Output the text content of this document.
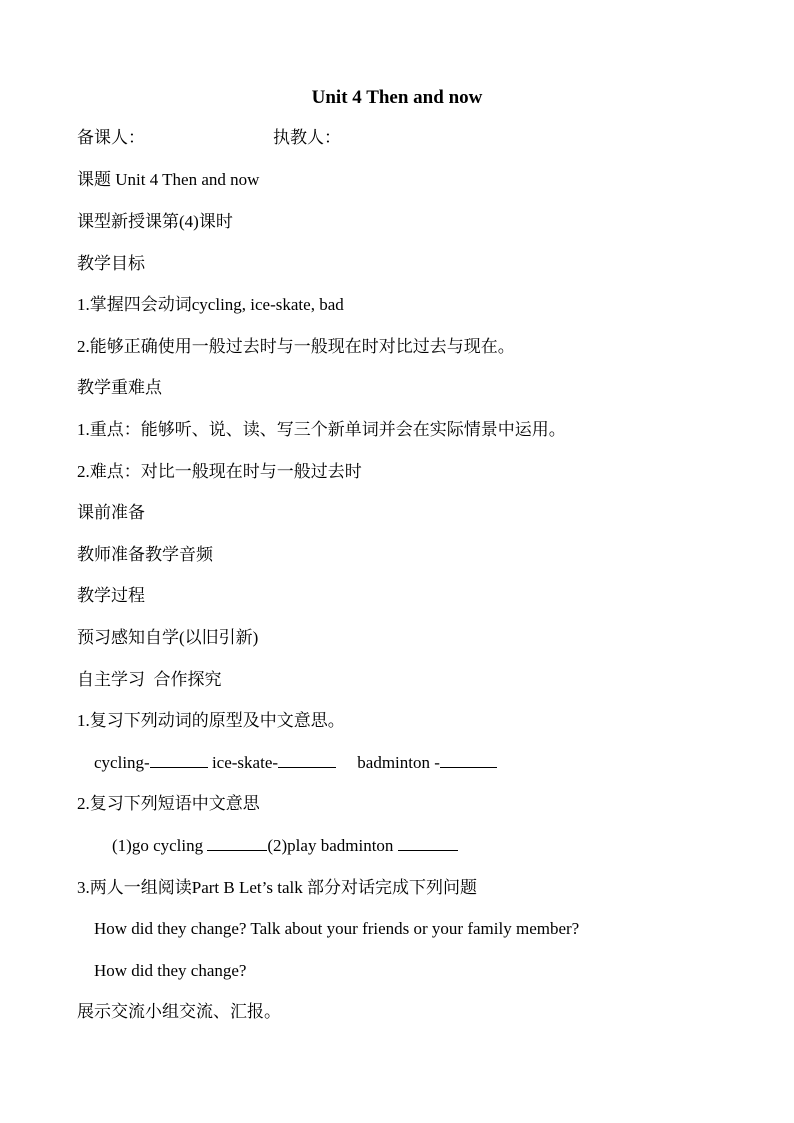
Unit 4 Then and now
备课人：	执教人：
课题 Unit 4 Then and now
课型新授课第(4)课时
教学目标
1.掌握四会动词cycling, ice-skate, bad
2.能够正确使用一般过去时与一般现在时对比过去与现在。
教学重难点
1.重点：能够听、说、读、写三个新单词并会在实际情景中运用。
2.难点：对比一般现在时与一般过去时
课前准备
教师准备教学音频
教学过程
预习感知自学(以旧引新)
自主学习  合作探究
1.复习下列动词的原型及中文意思。
cycling-	ice-skate-	badminton -
2.复习下列短语中文意思
(1)go cycling	(2)play badminton
3.两人一组阅读Part B Let’s talk 部分对话完成下列问题
How did they change? Talk about your friends or your family member?
How did they change?
展示交流小组交流、汇报。
